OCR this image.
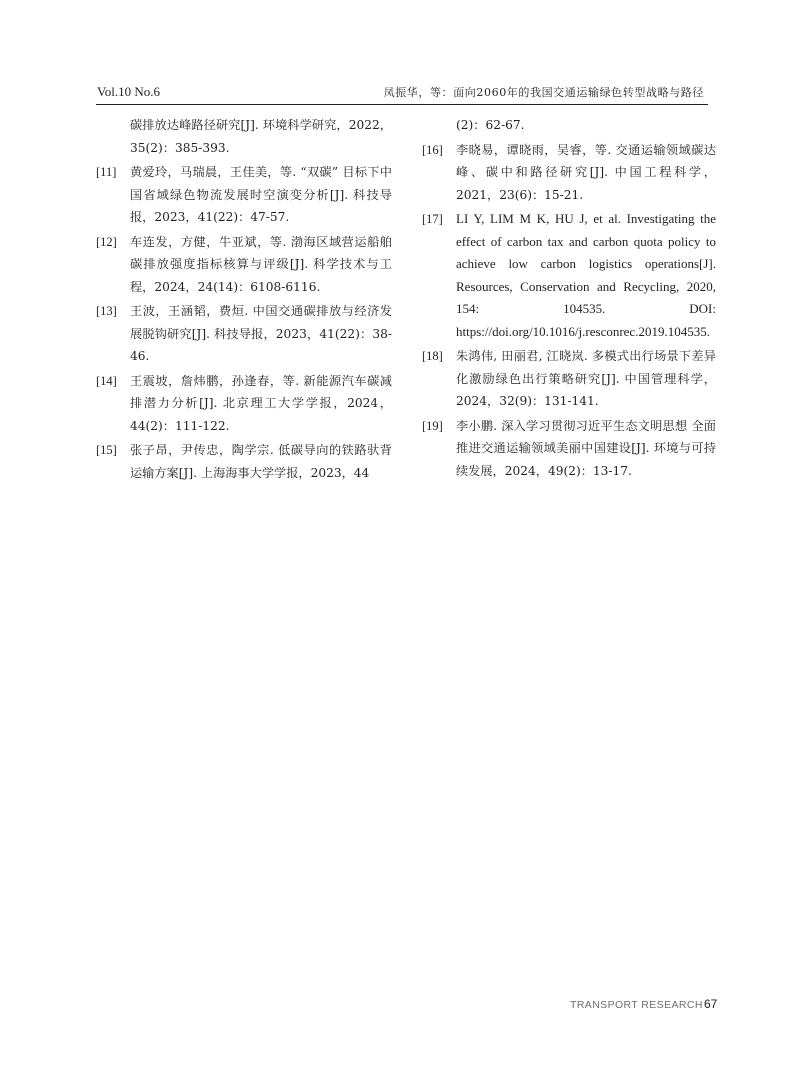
Vol.10 No.6	凤振华，等：面向2060年的我国交通运输绿色转型战略与路径
碳排放达峰路径研究[J]. 环境科学研究，2022，35(2)：385-393.
[11] 黄爱玲，马瑞晨，王佳美，等. “双碳” 目标下中国省域绿色物流发展时空演变分析[J]. 科技导报，2023，41(22)：47-57.
[12] 车连发，方健，牛亚斌，等. 渤海区域营运船舶碳排放强度指标核算与评级[J]. 科学技术与工程，2024，24(14)：6108-6116.
[13] 王波，王涵韬，费烜. 中国交通碳排放与经济发展脱钩研究[J]. 科技导报，2023，41(22)：38-46.
[14] 王震坡，詹炜鹏，孙逢春，等. 新能源汽车碳减排潜力分析[J]. 北京理工大学学报，2024，44(2)：111-122.
[15] 张子昂，尹传忠，陶学宗. 低碳导向的铁路驮背运输方案[J]. 上海海事大学学报，2023，44
(2)：62-67.
[16] 李晓易，谭晓雨，吴睿，等. 交通运输领域碳达峰、碳中和路径研究[J]. 中国工程科学，2021，23(6)：15-21.
[17] LI Y, LIM M K, HU J, et al. Investigating the effect of carbon tax and carbon quota policy to achieve low carbon logistics operations[J]. Resources, Conservation and Recycling, 2020, 154: 104535. DOI: https://doi.org/10.1016/j.resconrec.2019.104535.
[18] 朱鸿伟, 田丽君, 江晓岚. 多模式出行场景下差异化激励绿色出行策略研究[J]. 中国管理科学，2024，32(9)：131-141.
[19] 李小鹏. 深入学习贯彻习近平生态文明思想 全面推进交通运输领域美丽中国建设[J]. 环境与可持续发展，2024，49(2)：13-17.
TRANSPORT RESEARCH 67
